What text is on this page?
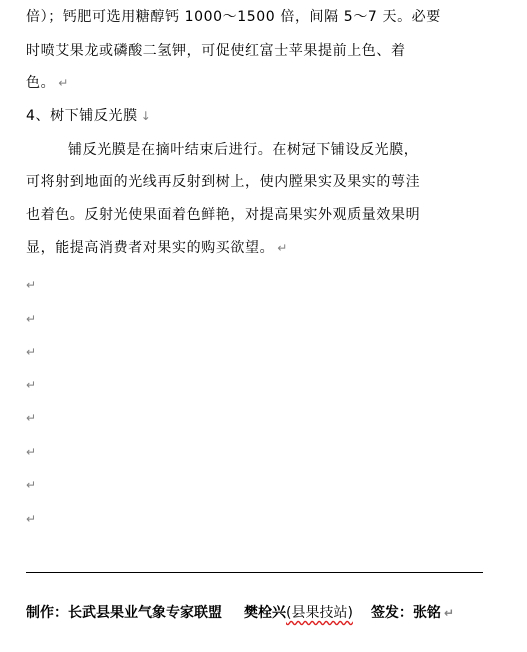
倍）；钙肥可选用糖醇钙 1000～1500 倍，间隔 5～7 天。必要
时喷艾果龙或磷酸二氢钾，可促使红富士苹果提前上色、着
色。 ↵
4、树下铺反光膜 ↓
铺反光膜是在摘叶结束后进行。在树冠下铺设反光膜，
可将射到地面的光线再反射到树上，使内膛果实及果实的萼洼
也着色。反射光使果面着色鲜艳，对提高果实外观质量效果明
显，能提高消费者对果实的购买欲望。 ↵
↵
↵
↵
↵
↵
↵
↵
↵
制作：长武县果业气象专家联盟 樊栓兴(县果技站) 签发：张铭 ↵
